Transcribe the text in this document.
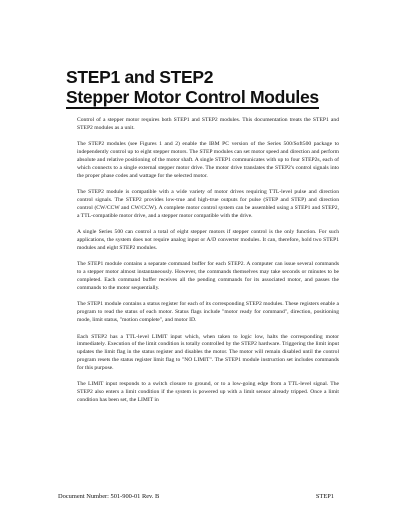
STEP1 and STEP2
Stepper Motor Control Modules

Control of a stepper motor requires both STEP1 and STEP2 modules. This documentation treats the STEP1 and STEP2 modules as a unit.

The STEP2 modules (see Figures 1 and 2) enable the IBM PC version of the Series 500/Soft500 package to independently control up to eight stepper motors. The STEP modules can set motor speed and direction and perform absolute and relative positioning of the motor shaft. A single STEP1 communicates with up to four STEP2s, each of which connects to a single external stepper motor drive. The motor drive translates the STEP2's control signals into the proper phase codes and wattage for the selected motor.

The STEP2 module is compatible with a wide variety of motor drives requiring TTL-level pulse and direction control signals. The STEP2 provides low-true and high-true outputs for pulse (STEP and STEP) and direction control (CW/CCW and CW/CCW). A complete motor control system can be assembled using a STEP1 and STEP2, a TTL-compatible motor drive, and a stepper motor compatible with the drive.

A single Series 500 can control a total of eight stepper motors if stepper control is the only function. For such applications, the system does not require analog input or A/D converter modules. It can, therefore, hold two STEP1 modules and eight STEP2 modules.

The STEP1 module contains a separate command buffer for each STEP2. A computer can issue several commands to a stepper motor almost instantaneously. However, the commands themselves may take seconds or minutes to be completed. Each command buffer receives all the pending commands for its associated motor, and passes the commands to the motor sequentially.

The STEP1 module contains a status register for each of its corresponding STEP2 modules. These registers enable a program to read the status of each motor. Status flags include "motor ready for command", direction, positioning mode, limit status, "motion complete", and motor ID.

Each STEP2 has a TTL-level LIMIT input which, when taken to logic low, halts the corresponding motor immediately. Execution of the limit condition is totally controlled by the STEP2 hardware. Triggering the limit input updates the limit flag in the status register and disables the motor. The motor will remain disabled until the control program resets the status register limit flag to "NO LIMIT". The STEP1 module instruction set includes commands for this purpose.

The LIMIT input responds to a switch closure to ground, or to a low-going edge from a TTL-level signal. The STEP2 also enters a limit condition if the system is powered up with a limit sensor already tripped. Once a limit condition has been set, the LIMIT in

Document Number: 501-900-01 Rev. B	STEP1
